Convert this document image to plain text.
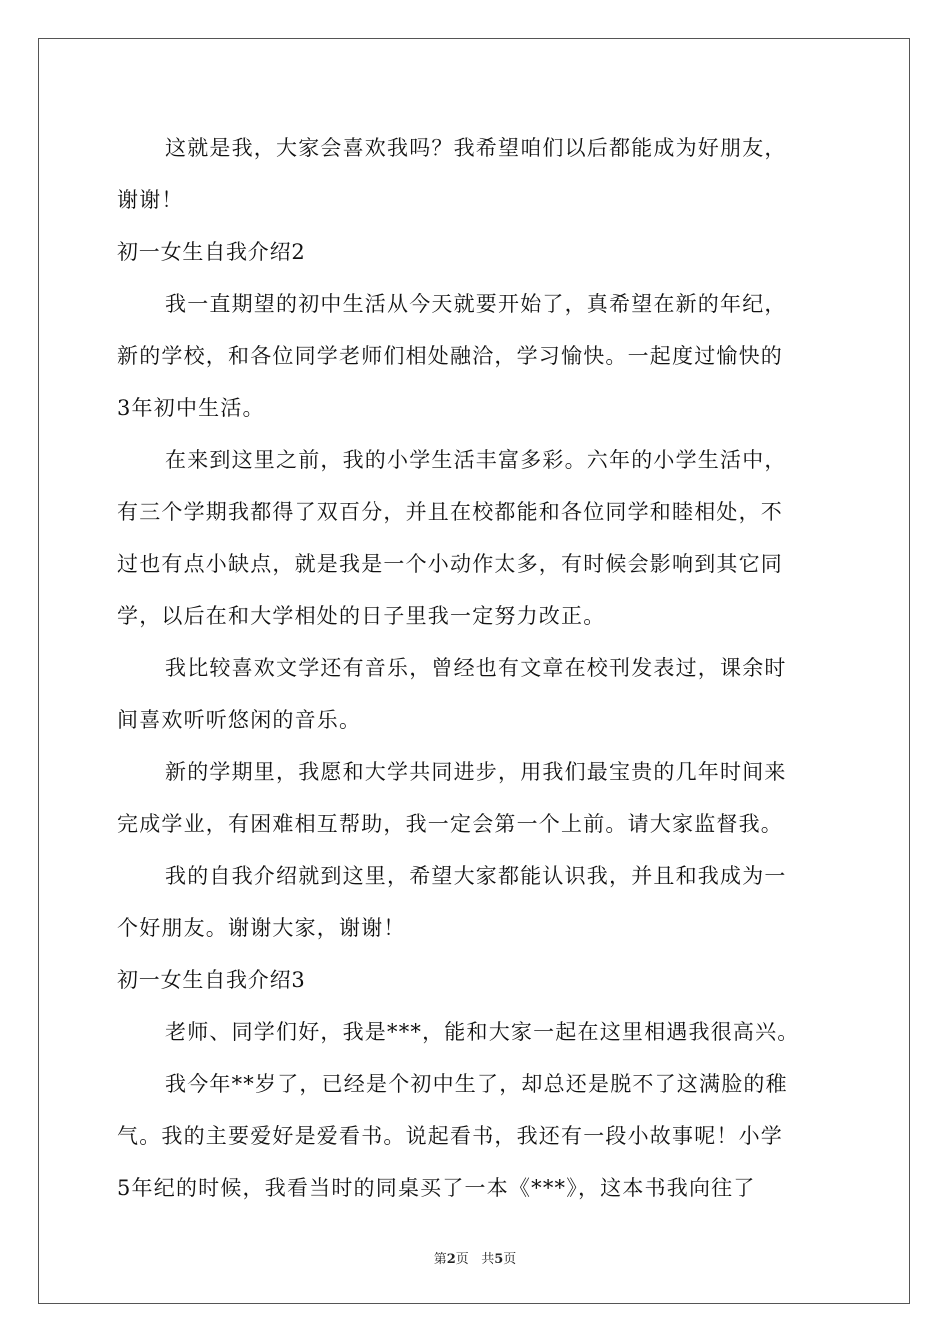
这就是我，大家会喜欢我吗？我希望咱们以后都能成为好朋友，
谢谢！
初一女生自我介绍2
我一直期望的初中生活从今天就要开始了，真希望在新的年纪，
新的学校，和各位同学老师们相处融洽，学习愉快。一起度过愉快的
3年初中生活。
在来到这里之前，我的小学生活丰富多彩。六年的小学生活中，
有三个学期我都得了双百分，并且在校都能和各位同学和睦相处，不
过也有点小缺点，就是我是一个小动作太多，有时候会影响到其它同
学，以后在和大学相处的日子里我一定努力改正。
我比较喜欢文学还有音乐，曾经也有文章在校刊发表过，课余时
间喜欢听听悠闲的音乐。
新的学期里，我愿和大学共同进步，用我们最宝贵的几年时间来
完成学业，有困难相互帮助，我一定会第一个上前。请大家监督我。
我的自我介绍就到这里，希望大家都能认识我，并且和我成为一
个好朋友。谢谢大家，谢谢！
初一女生自我介绍3
老师、同学们好，我是***，能和大家一起在这里相遇我很高兴。
我今年**岁了，已经是个初中生了，却总还是脱不了这满脸的稚
气。我的主要爱好是爱看书。说起看书，我还有一段小故事呢！小学
5年纪的时候，我看当时的同桌买了一本《***》，这本书我向往了
第2页 共5页
